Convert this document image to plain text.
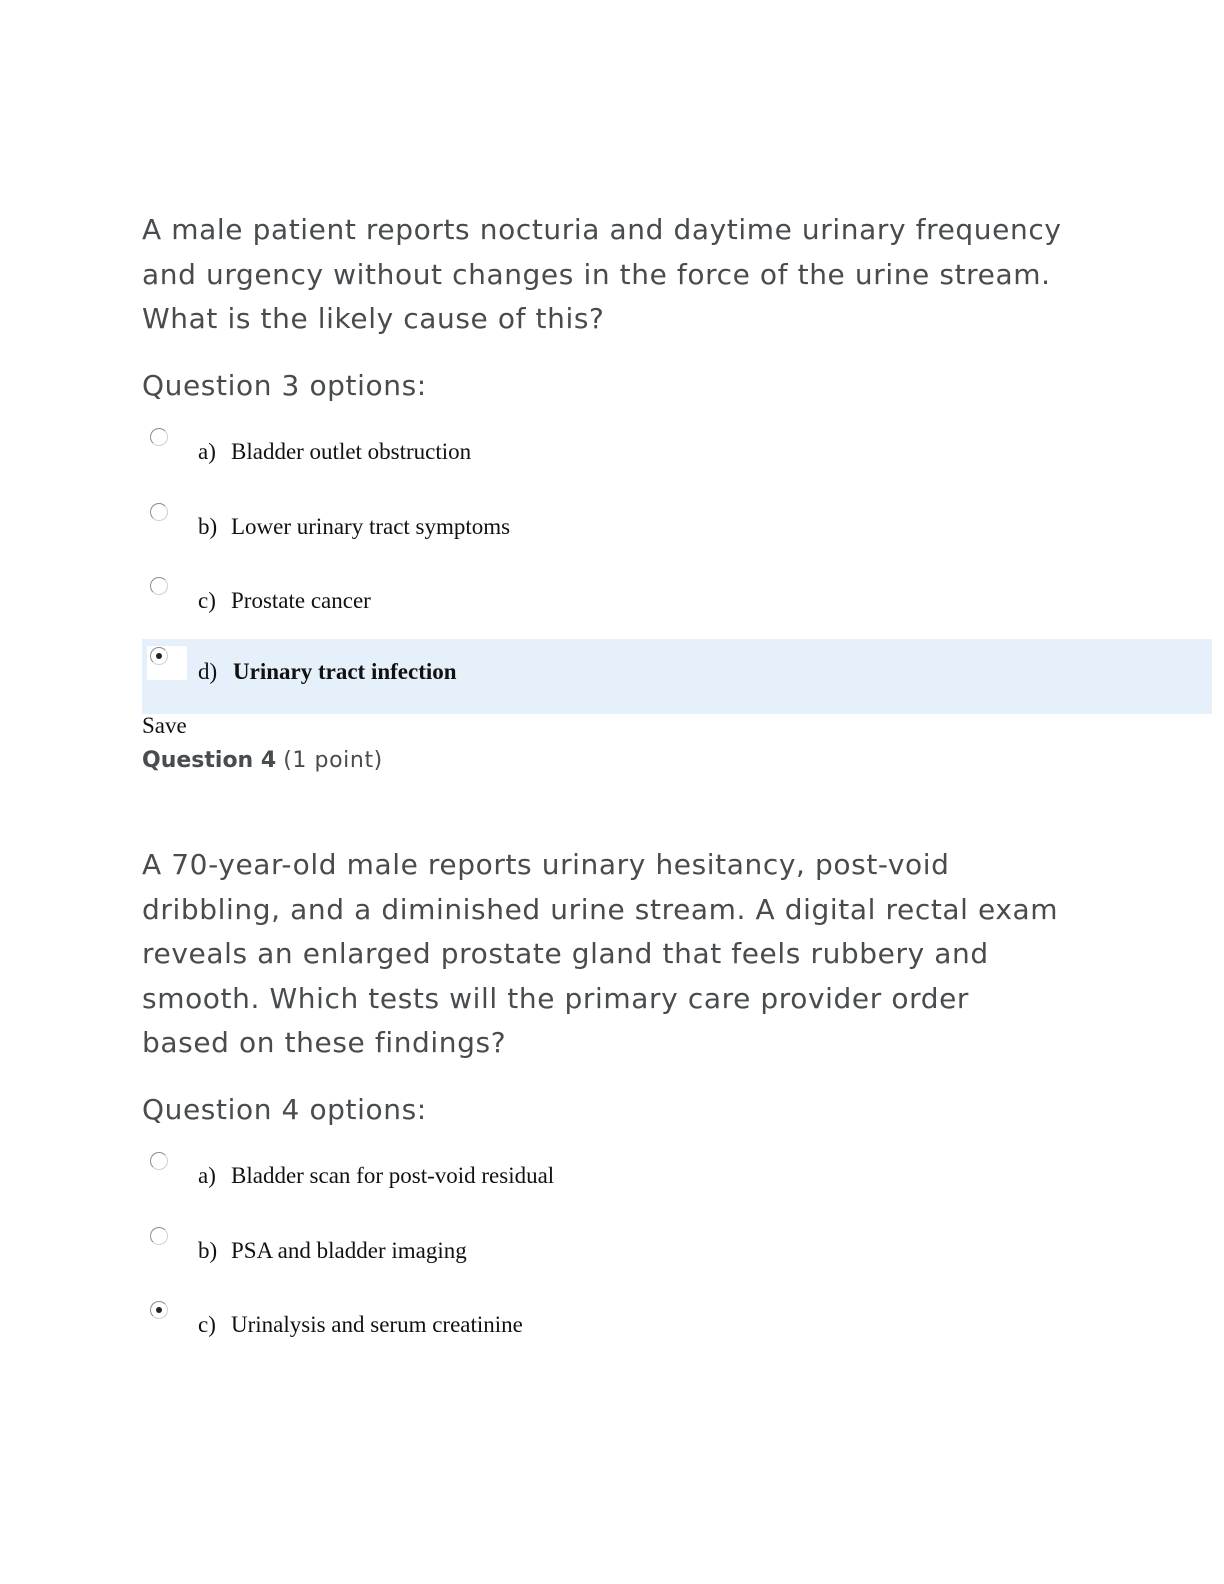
A male patient reports nocturia and daytime urinary frequency and urgency without changes in the force of the urine stream. What is the likely cause of this?

Question 3 options:
a) Bladder outlet obstruction
b) Lower urinary tract symptoms
c) Prostate cancer
d) Urinary tract infection
Save
Question 4 (1 point)

A 70-year-old male reports urinary hesitancy, post-void dribbling, and a diminished urine stream. A digital rectal exam reveals an enlarged prostate gland that feels rubbery and smooth. Which tests will the primary care provider order based on these findings?

Question 4 options:
a) Bladder scan for post-void residual
b) PSA and bladder imaging
c) Urinalysis and serum creatinine
